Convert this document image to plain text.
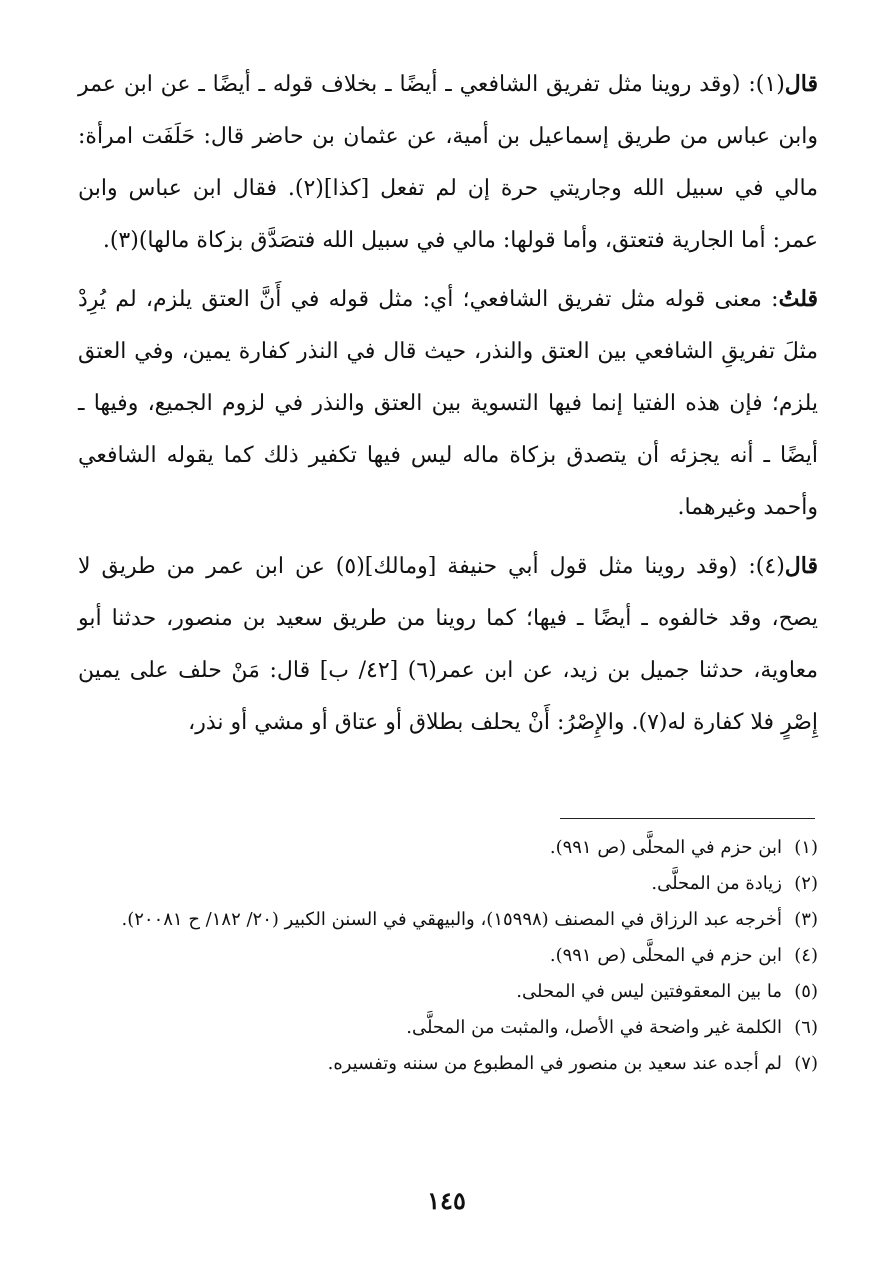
قال(١): (وقد روينا مثل تفريق الشافعي ـ أيضًا ـ بخلاف قوله ـ أيضًا ـ عن ابن عمر وابن عباس من طريق إسماعيل بن أمية، عن عثمان بن حاضر قال: حَلَفَت امرأة: مالي في سبيل الله وجاريتي حرة إن لم تفعل [كذا](٢). فقال ابن عباس وابن عمر: أما الجارية فتعتق، وأما قولها: مالي في سبيل الله فتصَدَّق بزكاة مالها)(٣).

قلتُ: معنى قوله مثل تفريق الشافعي؛ أي: مثل قوله في أَنَّ العتق يلزم، لم يُرِدْ مثلَ تفريقِ الشافعي بين العتق والنذر، حيث قال في النذر كفارة يمين، وفي العتق يلزم؛ فإن هذه الفتيا إنما فيها التسوية بين العتق والنذر في لزوم الجميع، وفيها ـ أيضًا ـ أنه يجزئه أن يتصدق بزكاة ماله ليس فيها تكفير ذلك كما يقوله الشافعي وأحمد وغيرهما.

قال(٤): (وقد روينا مثل قول أبي حنيفة [ومالك](٥) عن ابن عمر من طريق لا يصح، وقد خالفوه ـ أيضًا ـ فيها؛ كما روينا من طريق سعيد بن منصور، حدثنا أبو معاوية، حدثنا جميل بن زيد، عن ابن عمر(٦) [٤٢/ ب] قال: مَنْ حلف على يمين إِصْرٍ فلا كفارة له(٧). والإِصْرُ: أَنْ يحلف بطلاق أو عتاق أو مشي أو نذر،

(١)
ابن حزم في المحلَّى (ص ٩٩١).
(٢)
زيادة من المحلَّى.
(٣)
أخرجه عبد الرزاق في المصنف (١٥٩٩٨)، والبيهقي في السنن الكبير (٢٠/ ١٨٢/ ح ٢٠٠٨١).
(٤)
ابن حزم في المحلَّى (ص ٩٩١).
(٥)
ما بين المعقوفتين ليس في المحلى.
(٦)
الكلمة غير واضحة في الأصل، والمثبت من المحلَّى.
(٧)
لم أجده عند سعيد بن منصور في المطبوع من سننه وتفسيره.
١٤٥
